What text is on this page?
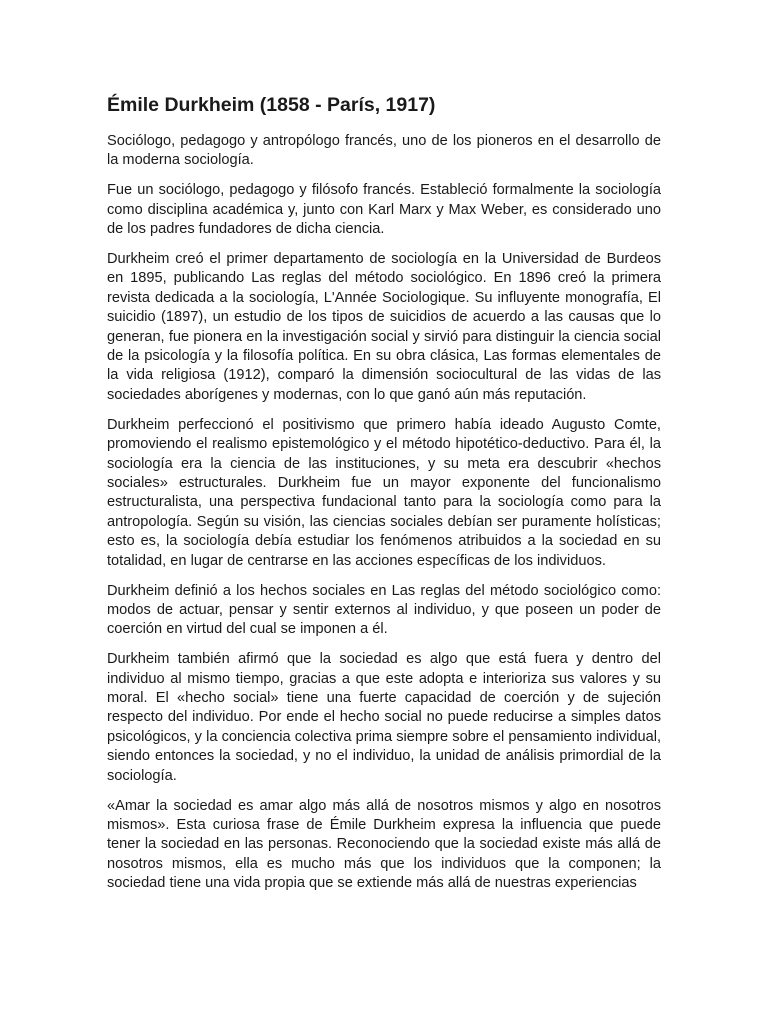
Émile Durkheim (1858 - París, 1917)

Sociólogo, pedagogo y antropólogo francés, uno de los pioneros en el desarrollo de la moderna sociología.

Fue un sociólogo, pedagogo y filósofo francés. Estableció formalmente la sociología como disciplina académica y, junto con Karl Marx y Max Weber, es considerado uno de los padres fundadores de dicha ciencia.

Durkheim creó el primer departamento de sociología en la Universidad de Burdeos en 1895, publicando Las reglas del método sociológico. En 1896 creó la primera revista dedicada a la sociología, L'Année Sociologique. Su influyente monografía, El suicidio (1897), un estudio de los tipos de suicidios de acuerdo a las causas que lo generan, fue pionera en la investigación social y sirvió para distinguir la ciencia social de la psicología y la filosofía política. En su obra clásica, Las formas elementales de la vida religiosa (1912), comparó la dimensión sociocultural de las vidas de las sociedades aborígenes y modernas, con lo que ganó aún más reputación.

Durkheim perfeccionó el positivismo que primero había ideado Augusto Comte, promoviendo el realismo epistemológico y el método hipotético-deductivo. Para él, la sociología era la ciencia de las instituciones, y su meta era descubrir «hechos sociales» estructurales. Durkheim fue un mayor exponente del funcionalismo estructuralista, una perspectiva fundacional tanto para la sociología como para la antropología. Según su visión, las ciencias sociales debían ser puramente holísticas; esto es, la sociología debía estudiar los fenómenos atribuidos a la sociedad en su totalidad, en lugar de centrarse en las acciones específicas de los individuos.

Durkheim definió a los hechos sociales en Las reglas del método sociológico como: modos de actuar, pensar y sentir externos al individuo, y que poseen un poder de coerción en virtud del cual se imponen a él.

Durkheim también afirmó que la sociedad es algo que está fuera y dentro del individuo al mismo tiempo, gracias a que este adopta e interioriza sus valores y su moral. El «hecho social» tiene una fuerte capacidad de coerción y de sujeción respecto del individuo. Por ende el hecho social no puede reducirse a simples datos psicológicos, y la conciencia colectiva prima siempre sobre el pensamiento individual, siendo entonces la sociedad, y no el individuo, la unidad de análisis primordial de la sociología.

«Amar la sociedad es amar algo más allá de nosotros mismos y algo en nosotros mismos». Esta curiosa frase de Émile Durkheim expresa la influencia que puede tener la sociedad en las personas. Reconociendo que la sociedad existe más allá de nosotros mismos, ella es mucho más que los individuos que la componen; la sociedad tiene una vida propia que se extiende más allá de nuestras experiencias
